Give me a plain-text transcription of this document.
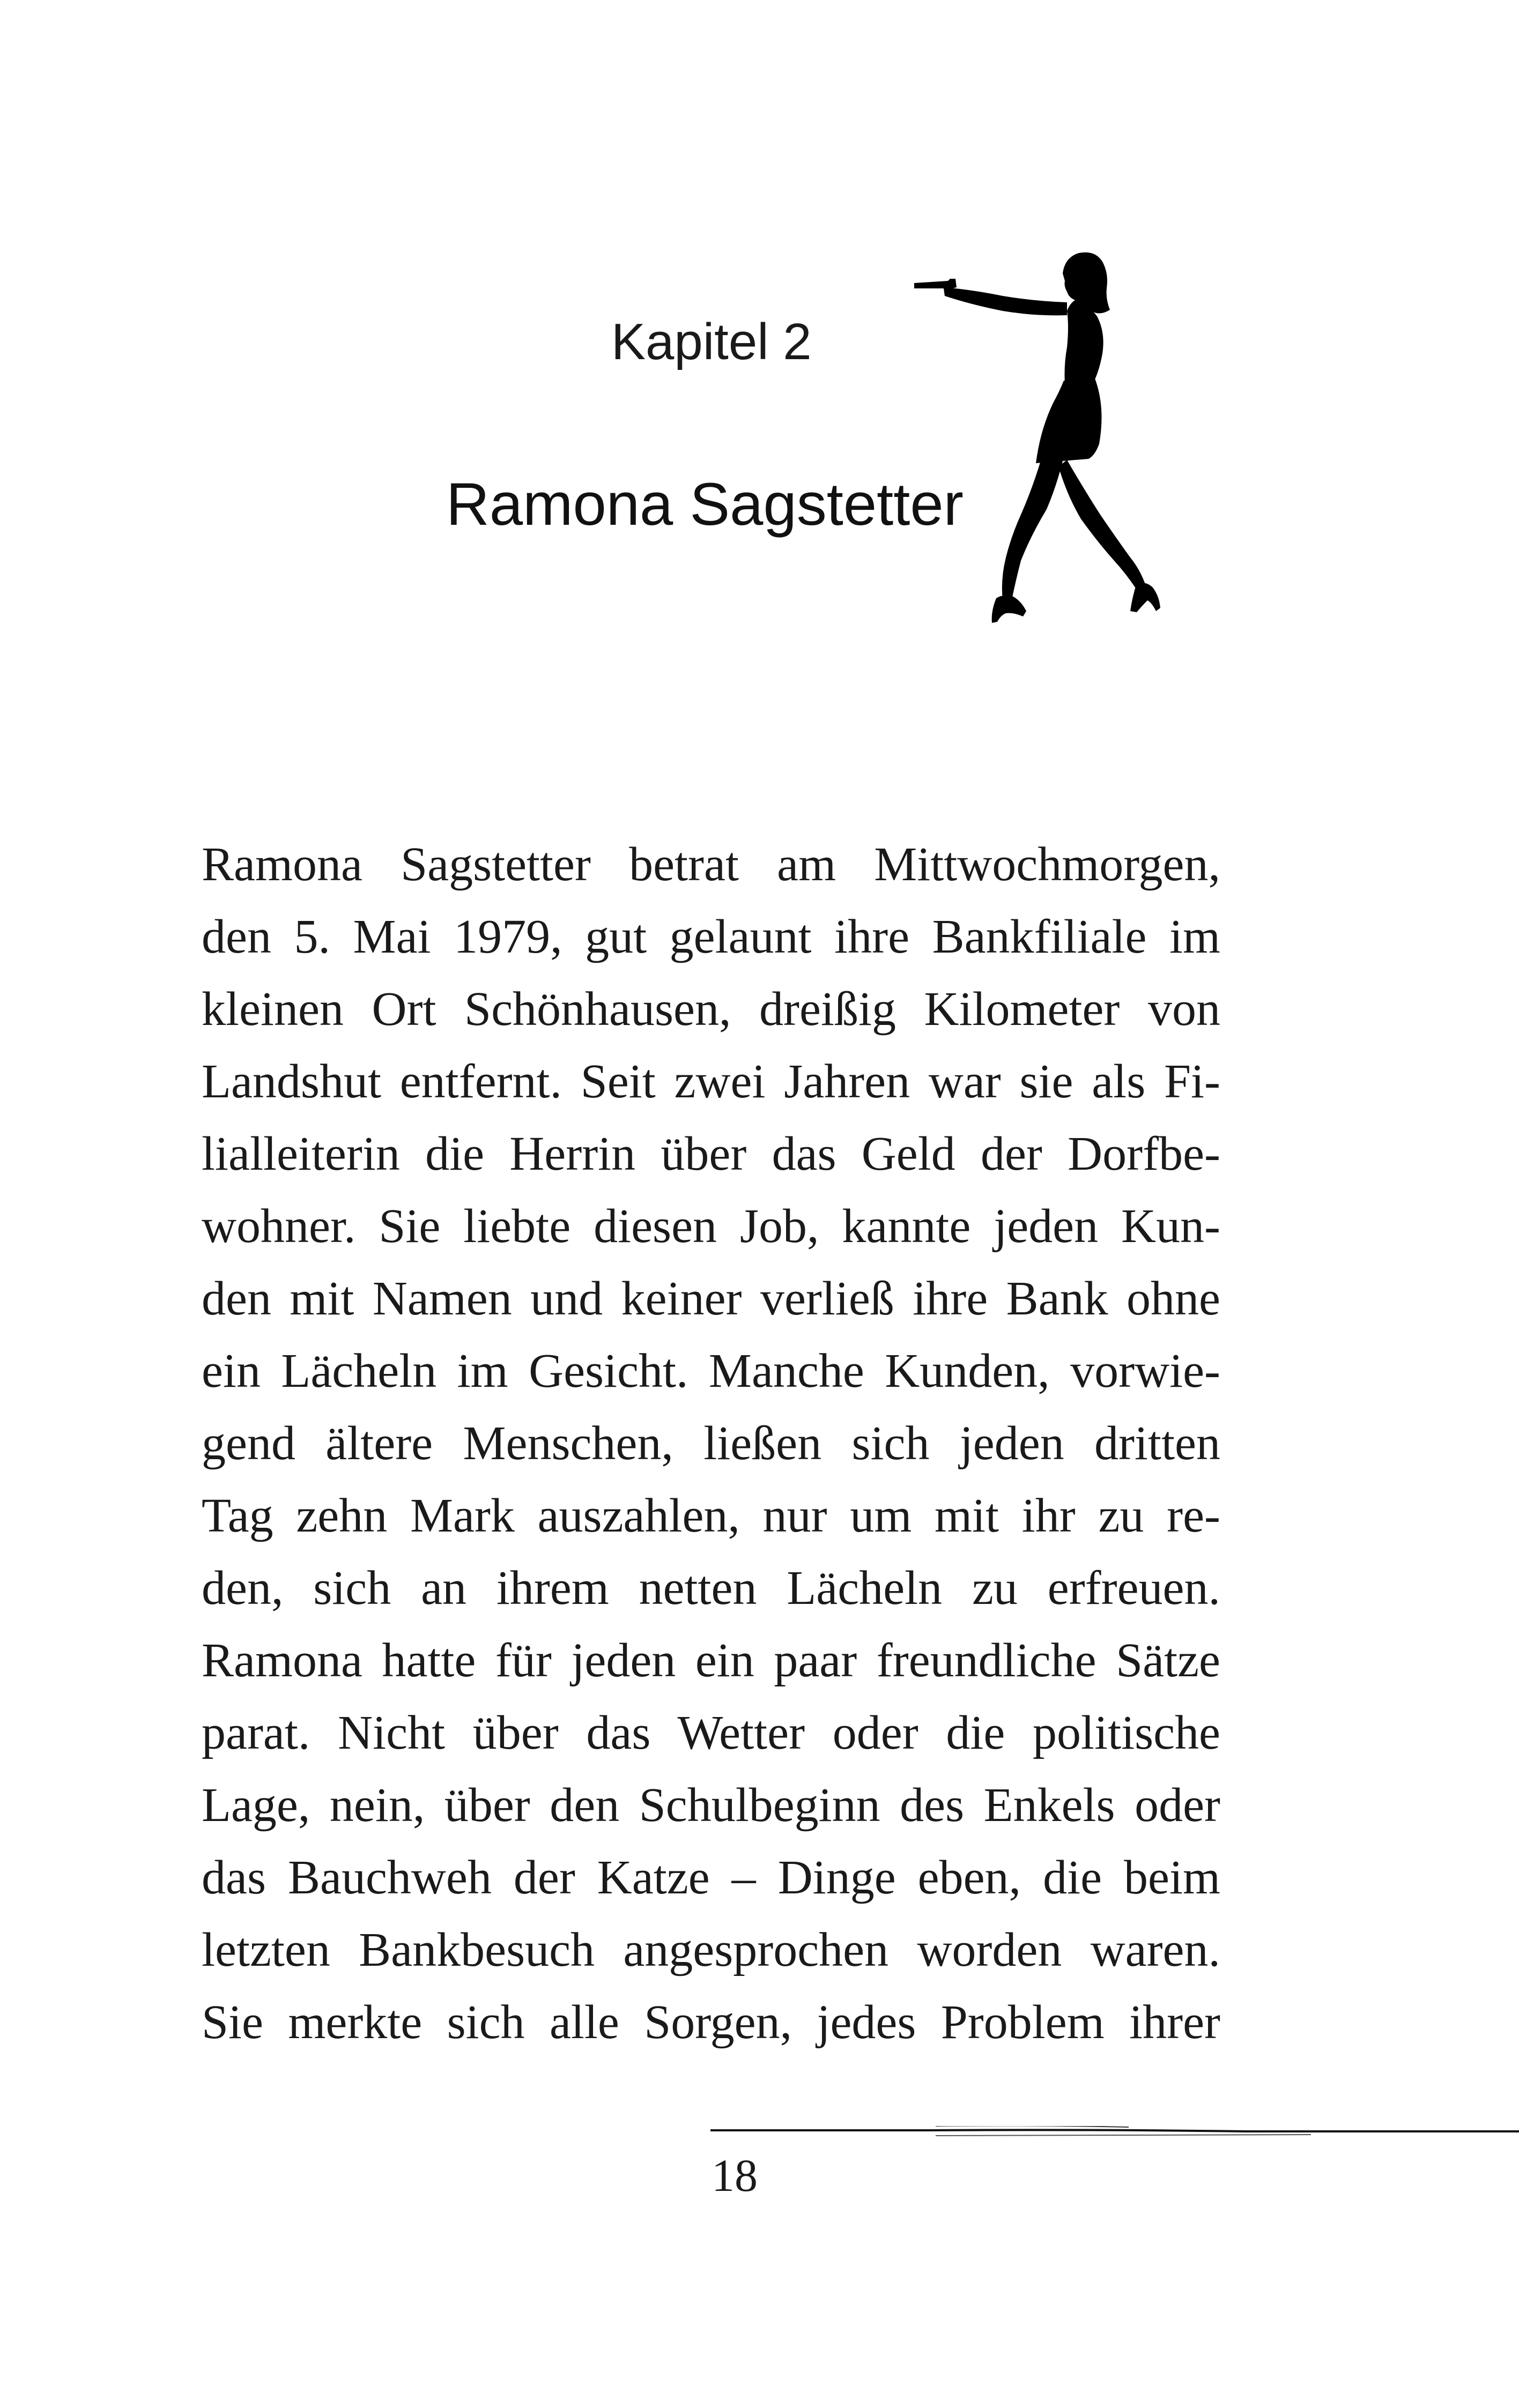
Kapitel 2
Ramona Sagstetter
Ramona Sagstetter betrat am Mittwochmorgen,
den 5. Mai 1979, gut gelaunt ihre Bankfiliale im
kleinen Ort Schönhausen, dreißig Kilometer von
Landshut entfernt. Seit zwei Jahren war sie als Fi-
lialleiterin die Herrin über das Geld der Dorfbe-
wohner. Sie liebte diesen Job, kannte jeden Kun-
den mit Namen und keiner verließ ihre Bank ohne
ein Lächeln im Gesicht. Manche Kunden, vorwie-
gend ältere Menschen, ließen sich jeden dritten
Tag zehn Mark auszahlen, nur um mit ihr zu re-
den, sich an ihrem netten Lächeln zu erfreuen.
Ramona hatte für jeden ein paar freundliche Sätze
parat. Nicht über das Wetter oder die politische
Lage, nein, über den Schulbeginn des Enkels oder
das Bauchweh der Katze – Dinge eben, die beim
letzten Bankbesuch angesprochen worden waren.
Sie merkte sich alle Sorgen, jedes Problem ihrer
18
